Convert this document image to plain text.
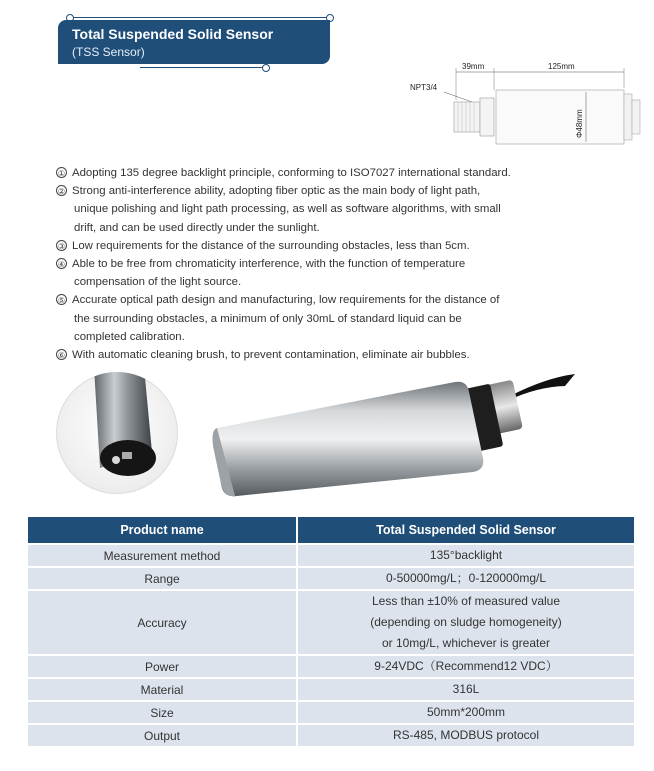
Total Suspended Solid Sensor
(TSS Sensor)
39mm	125mm
NPT3/4
Φ48mm
① Adopting 135 degree backlight principle, conforming to ISO7027 international standard.
② Strong anti-interference ability, adopting fiber optic as the main body of light path,
unique polishing and light path processing, as well as software algorithms, with small
drift, and can be used directly under the sunlight.
③ Low requirements for the distance of the surrounding obstacles, less than 5cm.
④ Able to be free from chromaticity interference, with the function of temperature
compensation of the light source.
⑤ Accurate optical path design and manufacturing, low requirements for the distance of
the surrounding obstacles, a minimum of only 30mL of standard liquid can be
completed calibration.
⑥ With automatic cleaning brush, to prevent contamination, eliminate air bubbles.
Product name	Total Suspended Solid Sensor
Measurement method	135°backlight

Range	0-50000mg/L；0-120000mg/L

Accuracy	Less than ±10% of measured value
(depending on sludge homogeneity)
or 10mg/L, whichever is greater

Power	9-24VDC（Recommend12 VDC）

Material	316L

Size	50mm*200mm

Output	RS-485, MODBUS protocol
